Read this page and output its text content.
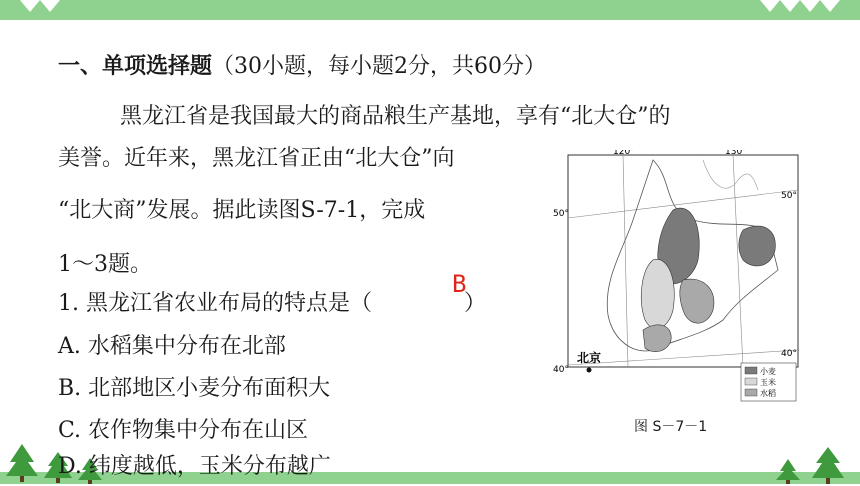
一、单项选择题（30小题，每小题2分，共60分）
黑龙江省是我国最大的商品粮生产基地，享有“北大仓”的
美誉。近年来，黑龙江省正由“北大仓”向
“北大商”发展。据此读图S-7-1，完成
1～3题。
1. 黑龙江省农业布局的特点是（	）
B
A. 水稻集中分布在北部
B. 北部地区小麦分布面积大
C. 农作物集中分布在山区
D. 纬度越低，玉米分布越广
120°	130°
50°
50°
40°
40°
北京
小麦
玉米
水稻
图 S－7－1
